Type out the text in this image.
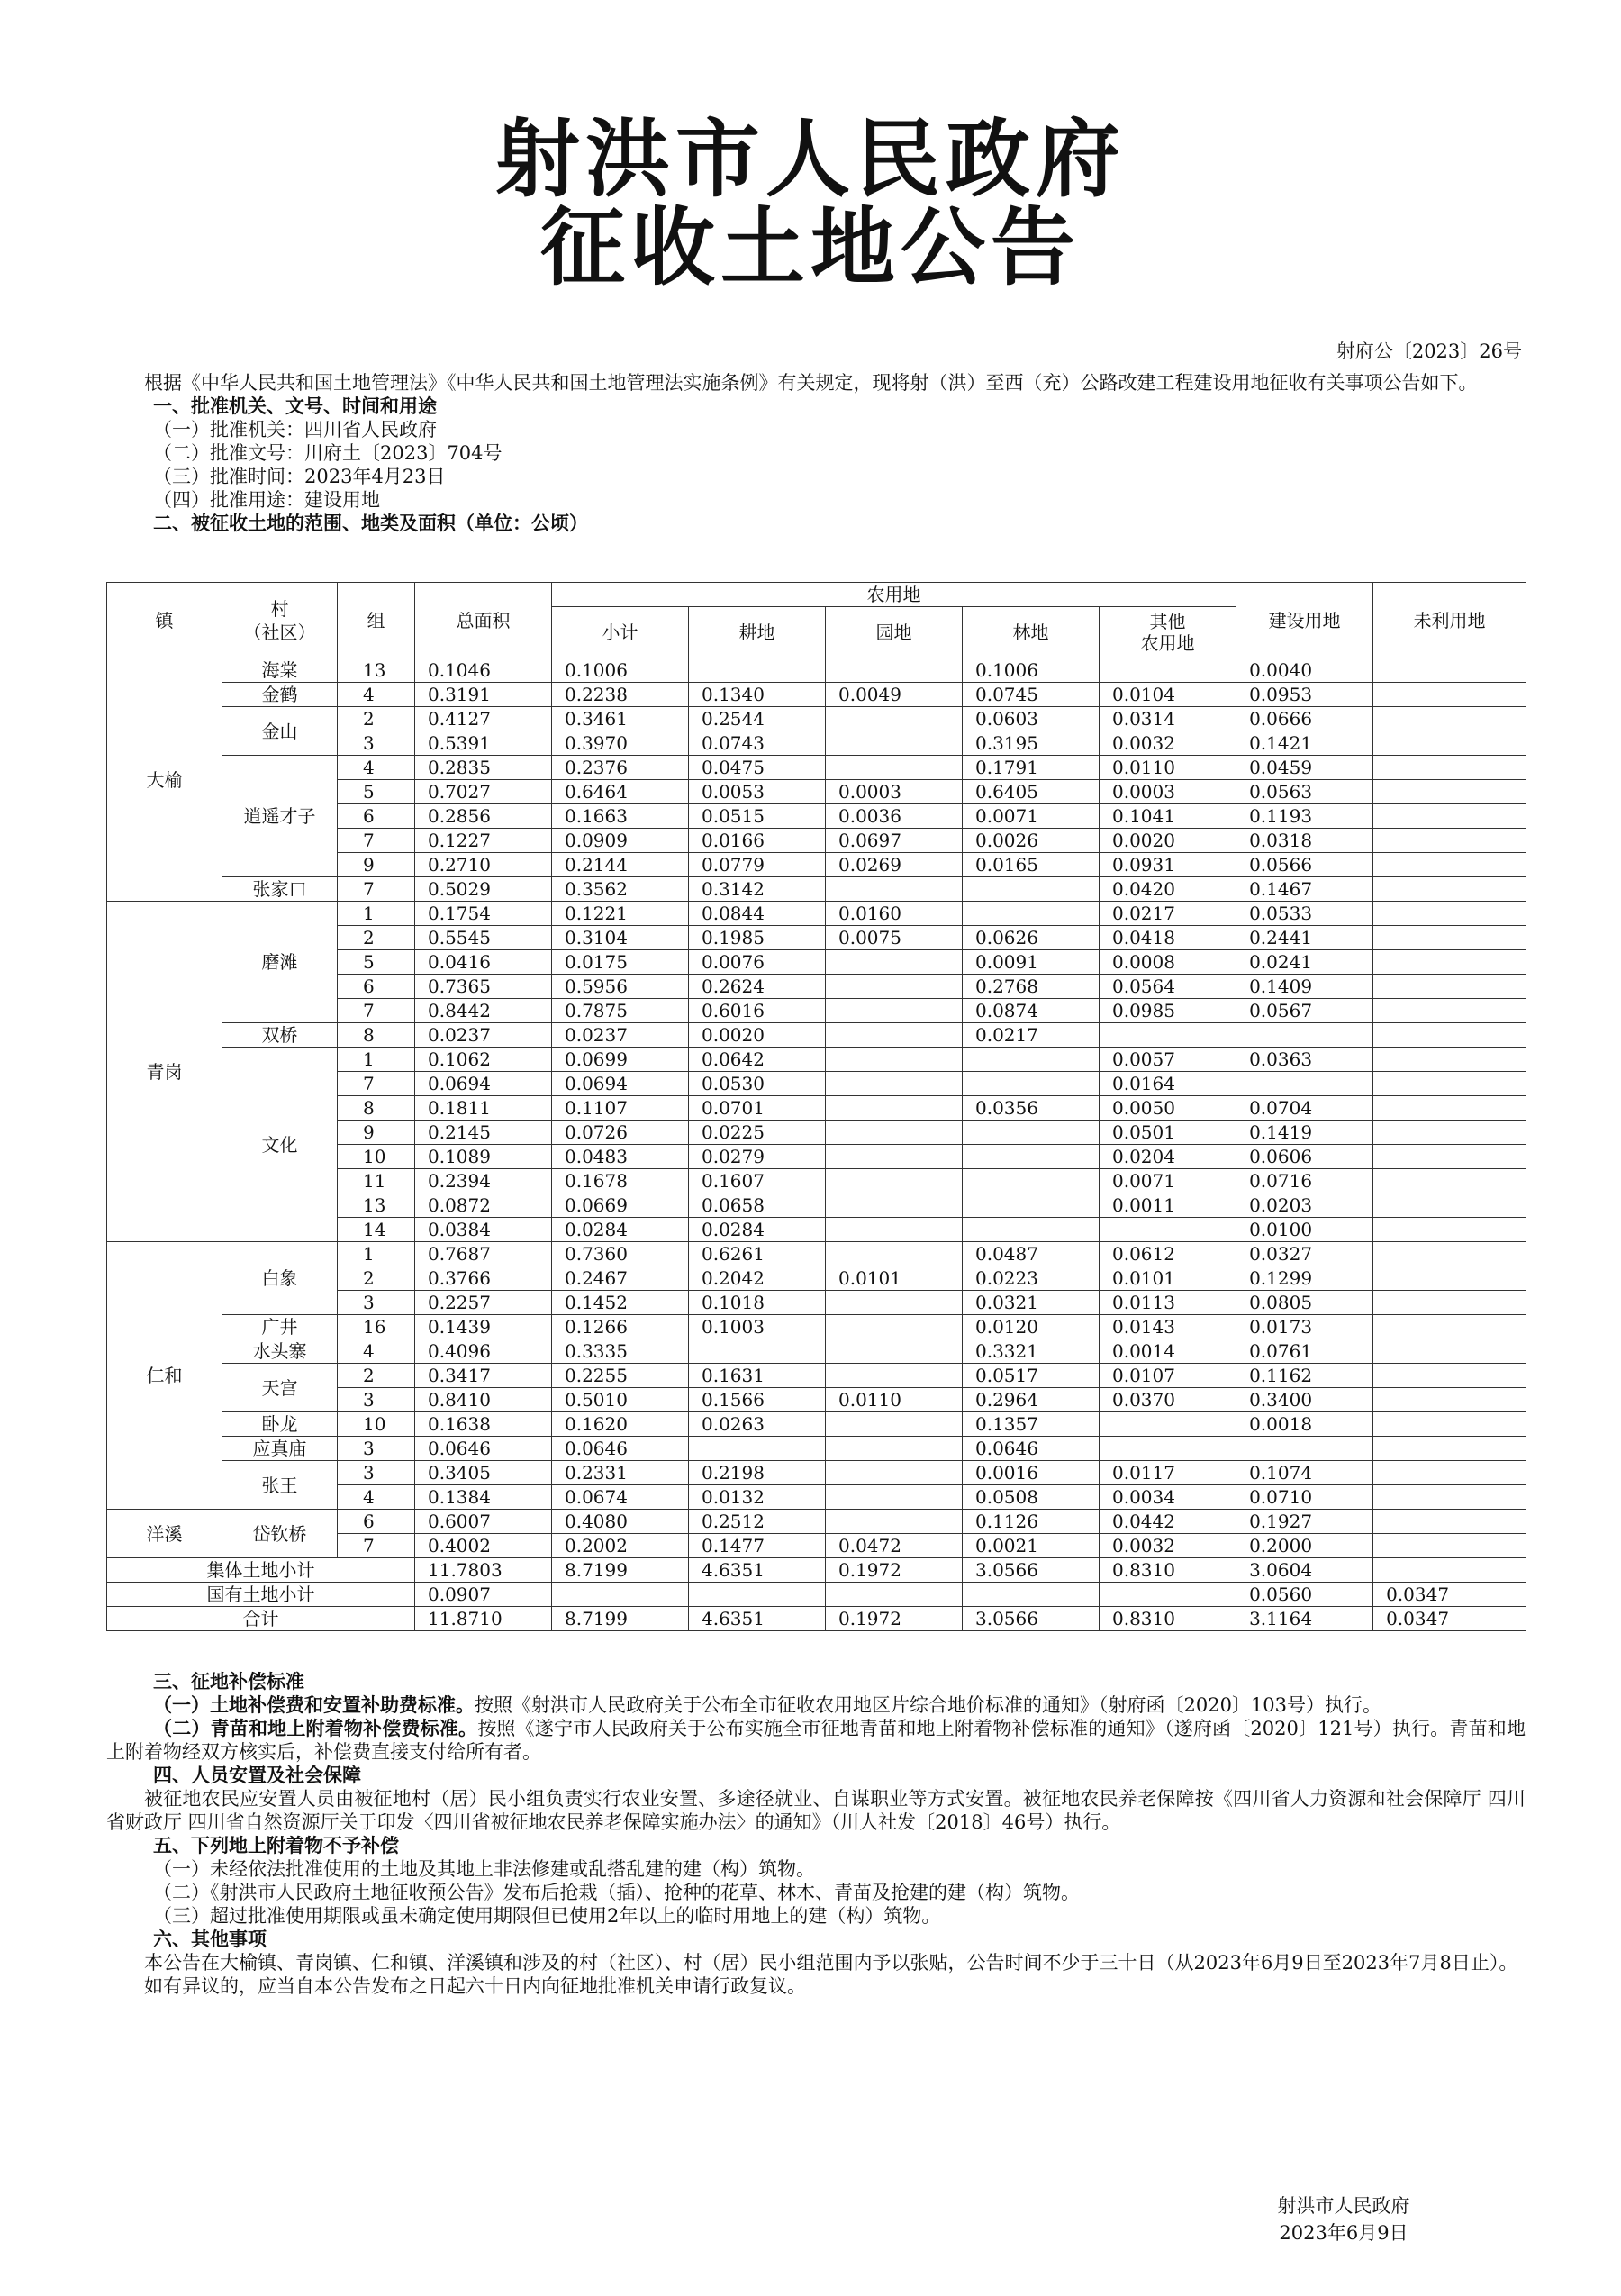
射洪市人民政府
征收土地公告
射府公〔2023〕26号

根据《中华人民共和国土地管理法》《中华人民共和国土地管理法实施条例》有关规定，现将射（洪）至西（充）公路改建工程建设用地征收有关事项公告如下。

一、批准机关、文号、时间和用途

（一）批准机关：四川省人民政府

（二）批准文号：川府土〔2023〕704号

（三）批准时间：2023年4月23日

（四）批准用途：建设用地

二、被征收土地的范围、地类及面积（单位：公顷）

镇	村
（社区）	组	总面积	农用地					建设用地	未利用地
				小计	耕地	园地	林地	其他
农用地		
大榆	海棠	13	0.1046	0.1006			0.1006		0.0040	
	金鹤	4	0.3191	0.2238	0.1340	0.0049	0.0745	0.0104	0.0953	
	金山	2	0.4127	0.3461	0.2544		0.0603	0.0314	0.0666	
		3	0.5391	0.3970	0.0743		0.3195	0.0032	0.1421	
	逍遥才子	4	0.2835	0.2376	0.0475		0.1791	0.0110	0.0459	
		5	0.7027	0.6464	0.0053	0.0003	0.6405	0.0003	0.0563	
		6	0.2856	0.1663	0.0515	0.0036	0.0071	0.1041	0.1193	
		7	0.1227	0.0909	0.0166	0.0697	0.0026	0.0020	0.0318	
		9	0.2710	0.2144	0.0779	0.0269	0.0165	0.0931	0.0566	
	张家口	7	0.5029	0.3562	0.3142			0.0420	0.1467	
青岗	磨滩	1	0.1754	0.1221	0.0844	0.0160		0.0217	0.0533	
		2	0.5545	0.3104	0.1985	0.0075	0.0626	0.0418	0.2441	
		5	0.0416	0.0175	0.0076		0.0091	0.0008	0.0241	
		6	0.7365	0.5956	0.2624		0.2768	0.0564	0.1409	
		7	0.8442	0.7875	0.6016		0.0874	0.0985	0.0567	
	双桥	8	0.0237	0.0237	0.0020		0.0217			
	文化	1	0.1062	0.0699	0.0642			0.0057	0.0363	
		7	0.0694	0.0694	0.0530			0.0164		
		8	0.1811	0.1107	0.0701		0.0356	0.0050	0.0704	
		9	0.2145	0.0726	0.0225			0.0501	0.1419	
		10	0.1089	0.0483	0.0279			0.0204	0.0606	
		11	0.2394	0.1678	0.1607			0.0071	0.0716	
		13	0.0872	0.0669	0.0658			0.0011	0.0203	
		14	0.0384	0.0284	0.0284				0.0100	
仁和	白象	1	0.7687	0.7360	0.6261		0.0487	0.0612	0.0327	
		2	0.3766	0.2467	0.2042	0.0101	0.0223	0.0101	0.1299	
		3	0.2257	0.1452	0.1018		0.0321	0.0113	0.0805	
	广井	16	0.1439	0.1266	0.1003		0.0120	0.0143	0.0173	
	水头寨	4	0.4096	0.3335			0.3321	0.0014	0.0761	
	天宫	2	0.3417	0.2255	0.1631		0.0517	0.0107	0.1162	
		3	0.8410	0.5010	0.1566	0.0110	0.2964	0.0370	0.3400	
	卧龙	10	0.1638	0.1620	0.0263		0.1357		0.0018	
	应真庙	3	0.0646	0.0646			0.0646			
	张王	3	0.3405	0.2331	0.2198		0.0016	0.0117	0.1074	
		4	0.1384	0.0674	0.0132		0.0508	0.0034	0.0710	
洋溪	岱钦桥	6	0.6007	0.4080	0.2512		0.1126	0.0442	0.1927	
		7	0.4002	0.2002	0.1477	0.0472	0.0021	0.0032	0.2000	
集体土地小计			11.7803	8.7199	4.6351	0.1972	3.0566	0.8310	3.0604	
国有土地小计			0.0907						0.0560	0.0347
合计			11.8710	8.7199	4.6351	0.1972	3.0566	0.8310	3.1164	0.0347

三、征地补偿标准

（一）土地补偿费和安置补助费标准。按照《射洪市人民政府关于公布全市征收农用地区片综合地价标准的通知》（射府函〔2020〕103号）执行。

（二）青苗和地上附着物补偿费标准。按照《遂宁市人民政府关于公布实施全市征地青苗和地上附着物补偿标准的通知》（遂府函〔2020〕121号）执行。青苗和地上附着物经双方核实后，补偿费直接支付给所有者。

四、人员安置及社会保障

被征地农民应安置人员由被征地村（居）民小组负责实行农业安置、多途径就业、自谋职业等方式安置。被征地农民养老保障按《四川省人力资源和社会保障厅 四川省财政厅 四川省自然资源厅关于印发〈四川省被征地农民养老保障实施办法〉的通知》（川人社发〔2018〕46号）执行。

五、下列地上附着物不予补偿

（一）未经依法批准使用的土地及其地上非法修建或乱搭乱建的建（构）筑物。

（二）《射洪市人民政府土地征收预公告》发布后抢栽（插）、抢种的花草、林木、青苗及抢建的建（构）筑物。

（三）超过批准使用期限或虽未确定使用期限但已使用2年以上的临时用地上的建（构）筑物。

六、其他事项

本公告在大榆镇、青岗镇、仁和镇、洋溪镇和涉及的村（社区）、村（居）民小组范围内予以张贴，公告时间不少于三十日（从2023年6月9日至2023年7月8日止）。

如有异议的，应当自本公告发布之日起六十日内向征地批准机关申请行政复议。

射洪市人民政府
2023年6月9日
